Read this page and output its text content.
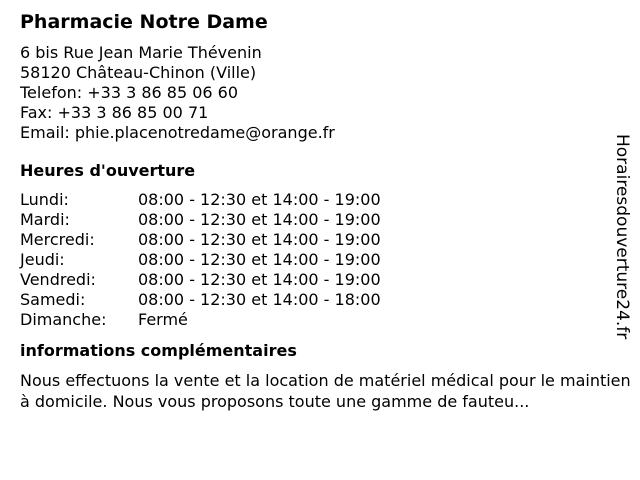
Pharmacie Notre Dame
6 bis Rue Jean Marie Thévenin
58120 Château-Chinon (Ville)
Telefon: +33 3 86 85 06 60
Fax: +33 3 86 85 00 71
Email: phie.placenotredame@orange.fr
Heures d'ouverture
Lundi:	08:00 - 12:30 et 14:00 - 19:00
Mardi:	08:00 - 12:30 et 14:00 - 19:00
Mercredi:	08:00 - 12:30 et 14:00 - 19:00
Jeudi:	08:00 - 12:30 et 14:00 - 19:00
Vendredi:	08:00 - 12:30 et 14:00 - 19:00
Samedi:	08:00 - 12:30 et 14:00 - 18:00
Dimanche:	Fermé
informations complémentaires
Nous effectuons la vente et la location de matériel médical pour le maintien à domicile. Nous vous proposons toute une gamme de fauteu...
Horairesdouverture24.fr
